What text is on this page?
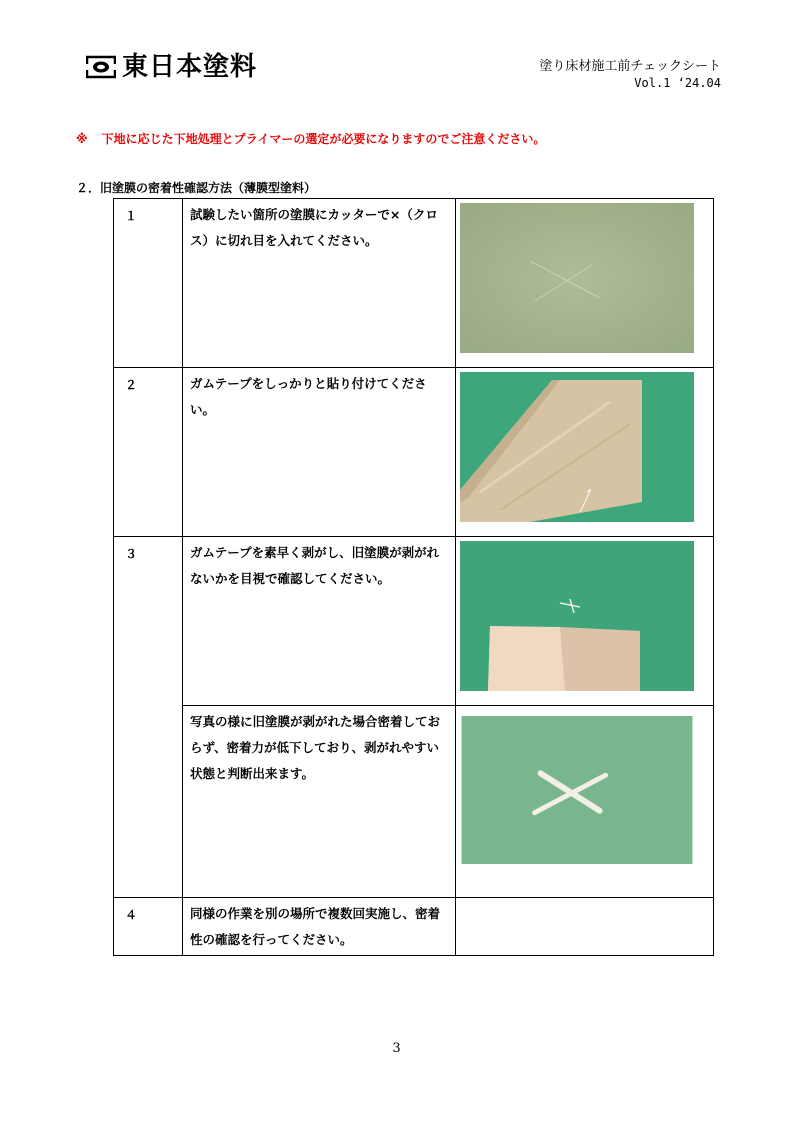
東日本塗料	塗り床材施工前チェックシート
Vol.1 ‘24.04
※ 下地に応じた下地処理とプライマーの選定が必要になりますのでご注意ください。
２．旧塗膜の密着性確認方法（薄膜型塗料）
１	試験したい箇所の塗膜にカッターで×（クロス）に切れ目を入れてください。	

２	ガムテープをしっかりと貼り付けてください。	

３	ガムテープを素早く剥がし、旧塗膜が剥がれないかを目視で確認してください。	

	写真の様に旧塗膜が剥がれた場合密着しておらず、密着力が低下しており、剥がれやすい状態と判断出来ます。	

４	同様の作業を別の場所で複数回実施し、密着性の確認を行ってください。	
3
